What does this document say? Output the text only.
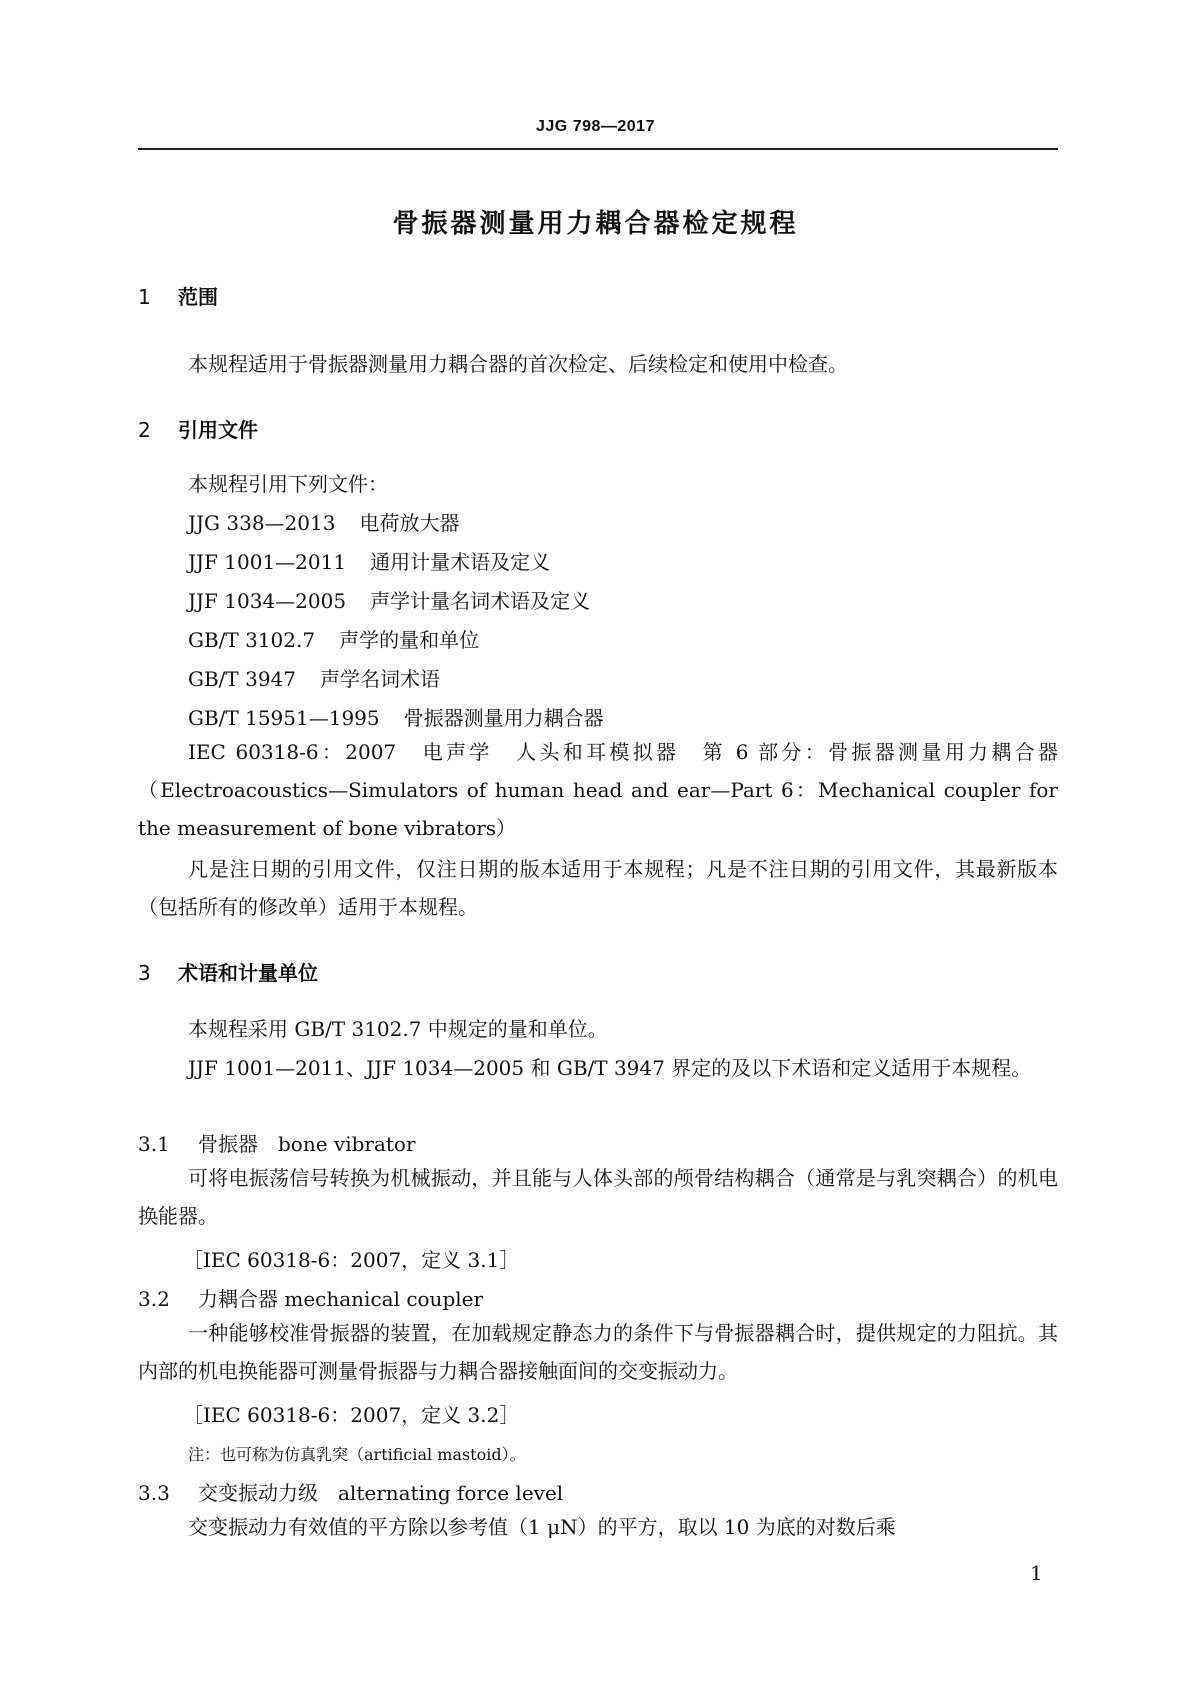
JJG 798—2017
骨振器测量用力耦合器检定规程
1 范围
本规程适用于骨振器测量用力耦合器的首次检定、后续检定和使用中检查。
2 引用文件
本规程引用下列文件：
JJG 338—2013 电荷放大器
JJF 1001—2011 通用计量术语及定义
JJF 1034—2005 声学计量名词术语及定义
GB/T 3102.7 声学的量和单位
GB/T 3947 声学名词术语
GB/T 15951—1995 骨振器测量用力耦合器
IEC 60318-6：2007　电声学　人头和耳模拟器　第 6 部分：骨振器测量用力耦合器（Electroacoustics—Simulators of human head and ear—Part 6：Mechanical coupler for the measurement of bone vibrators）
凡是注日期的引用文件，仅注日期的版本适用于本规程；凡是不注日期的引用文件，其最新版本（包括所有的修改单）适用于本规程。
3 术语和计量单位
本规程采用 GB/T 3102.7 中规定的量和单位。
JJF 1001—2011、JJF 1034—2005 和 GB/T 3947 界定的及以下术语和定义适用于本规程。
3.1 骨振器　bone vibrator
可将电振荡信号转换为机械振动，并且能与人体头部的颅骨结构耦合（通常是与乳突耦合）的机电换能器。
［IEC 60318-6：2007，定义 3.1］
3.2 力耦合器 mechanical coupler
一种能够校准骨振器的装置，在加载规定静态力的条件下与骨振器耦合时，提供规定的力阻抗。其内部的机电换能器可测量骨振器与力耦合器接触面间的交变振动力。
［IEC 60318-6：2007，定义 3.2］
注：也可称为仿真乳突（artificial mastoid）。
3.3 交变振动力级　alternating force level
交变振动力有效值的平方除以参考值（1 μN）的平方，取以 10 为底的对数后乘
1
